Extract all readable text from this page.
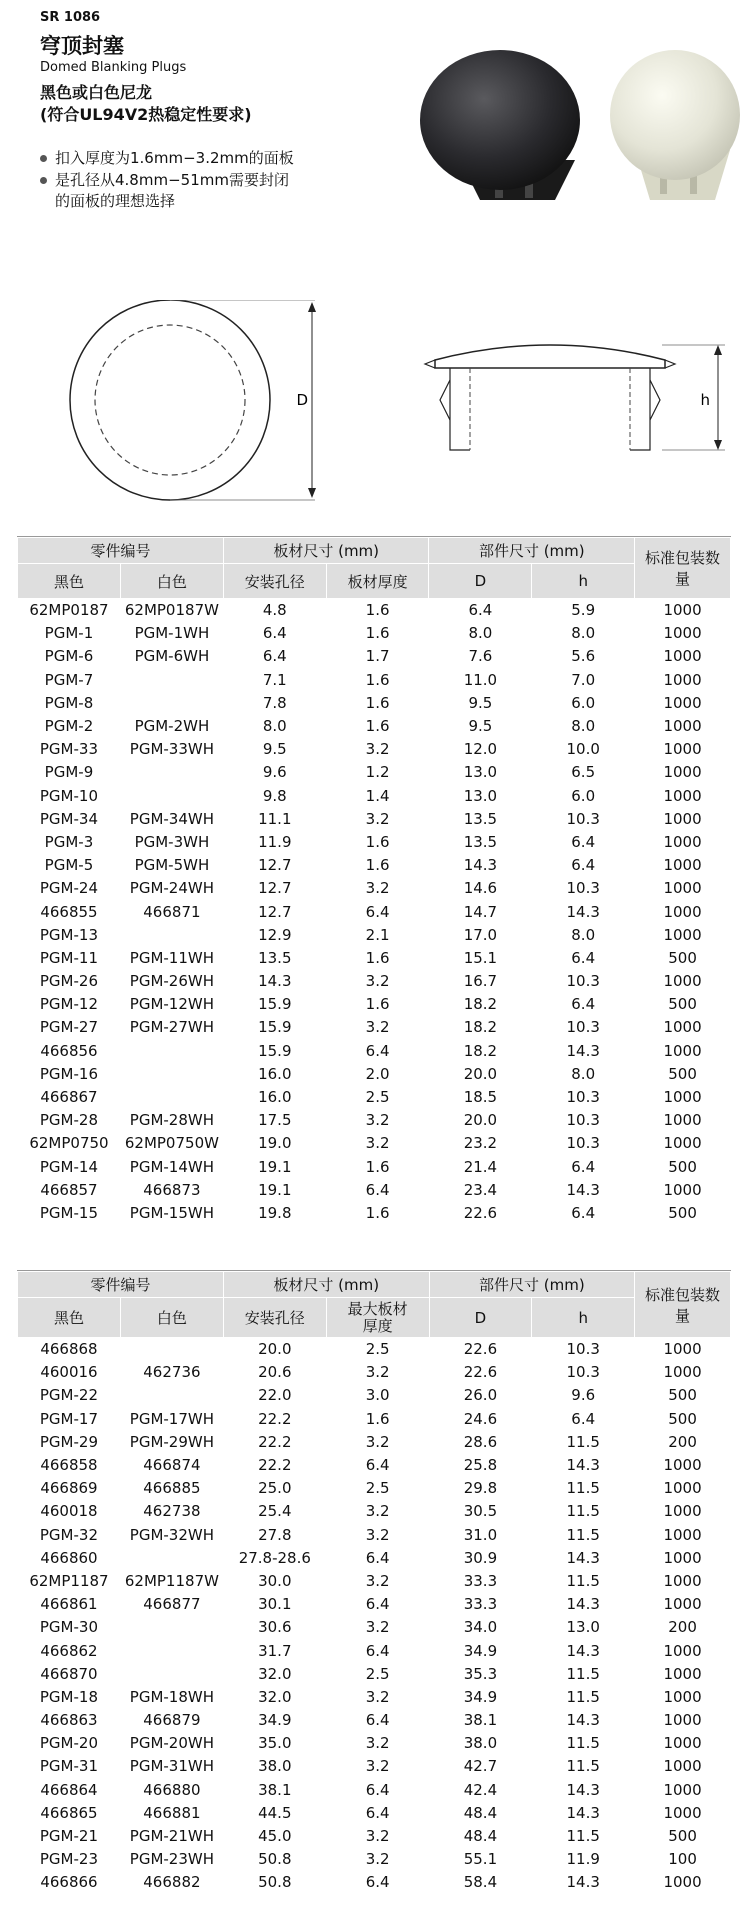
SR 1086
穹顶封塞
Domed Blanking Plugs
黑色或白色尼龙
(符合UL94V2热稳定性要求)
扣入厚度为1.6mm−3.2mm的面板
是孔径从4.8mm−51mm需要封闭
的面板的理想选择
D	h
零件编号		板材尺寸 (mm)		部件尺寸 (mm)		标准包装数量
黑色	白色	安装孔径	板材厚度	D	h	
62MP0187	62MP0187W	4.8	1.6	6.4	5.9	1000
PGM-1	PGM-1WH	6.4	1.6	8.0	8.0	1000
PGM-6	PGM-6WH	6.4	1.7	7.6	5.6	1000
PGM-7		7.1	1.6	11.0	7.0	1000
PGM-8		7.8	1.6	9.5	6.0	1000
PGM-2	PGM-2WH	8.0	1.6	9.5	8.0	1000
PGM-33	PGM-33WH	9.5	3.2	12.0	10.0	1000
PGM-9		9.6	1.2	13.0	6.5	1000
PGM-10		9.8	1.4	13.0	6.0	1000
PGM-34	PGM-34WH	11.1	3.2	13.5	10.3	1000
PGM-3	PGM-3WH	11.9	1.6	13.5	6.4	1000
PGM-5	PGM-5WH	12.7	1.6	14.3	6.4	1000
PGM-24	PGM-24WH	12.7	3.2	14.6	10.3	1000
466855	466871	12.7	6.4	14.7	14.3	1000
PGM-13		12.9	2.1	17.0	8.0	1000
PGM-11	PGM-11WH	13.5	1.6	15.1	6.4	500
PGM-26	PGM-26WH	14.3	3.2	16.7	10.3	1000
PGM-12	PGM-12WH	15.9	1.6	18.2	6.4	500
PGM-27	PGM-27WH	15.9	3.2	18.2	10.3	1000
466856		15.9	6.4	18.2	14.3	1000
PGM-16		16.0	2.0	20.0	8.0	500
466867		16.0	2.5	18.5	10.3	1000
PGM-28	PGM-28WH	17.5	3.2	20.0	10.3	1000
62MP0750	62MP0750W	19.0	3.2	23.2	10.3	1000
PGM-14	PGM-14WH	19.1	1.6	21.4	6.4	500
466857	466873	19.1	6.4	23.4	14.3	1000
PGM-15	PGM-15WH	19.8	1.6	22.6	6.4	500
零件编号		板材尺寸 (mm)		部件尺寸 (mm)		标准包装数量
黑色	白色	安装孔径	最大板材厚度	D	h	
466868		20.0	2.5	22.6	10.3	1000
460016	462736	20.6	3.2	22.6	10.3	1000
PGM-22		22.0	3.0	26.0	9.6	500
PGM-17	PGM-17WH	22.2	1.6	24.6	6.4	500
PGM-29	PGM-29WH	22.2	3.2	28.6	11.5	200
466858	466874	22.2	6.4	25.8	14.3	1000
466869	466885	25.0	2.5	29.8	11.5	1000
460018	462738	25.4	3.2	30.5	11.5	1000
PGM-32	PGM-32WH	27.8	3.2	31.0	11.5	1000
466860		27.8-28.6	6.4	30.9	14.3	1000
62MP1187	62MP1187W	30.0	3.2	33.3	11.5	1000
466861	466877	30.1	6.4	33.3	14.3	1000
PGM-30		30.6	3.2	34.0	13.0	200
466862		31.7	6.4	34.9	14.3	1000
466870		32.0	2.5	35.3	11.5	1000
PGM-18	PGM-18WH	32.0	3.2	34.9	11.5	1000
466863	466879	34.9	6.4	38.1	14.3	1000
PGM-20	PGM-20WH	35.0	3.2	38.0	11.5	1000
PGM-31	PGM-31WH	38.0	3.2	42.7	11.5	1000
466864	466880	38.1	6.4	42.4	14.3	1000
466865	466881	44.5	6.4	48.4	14.3	1000
PGM-21	PGM-21WH	45.0	3.2	48.4	11.5	500
PGM-23	PGM-23WH	50.8	3.2	55.1	11.9	100
466866	466882	50.8	6.4	58.4	14.3	1000
